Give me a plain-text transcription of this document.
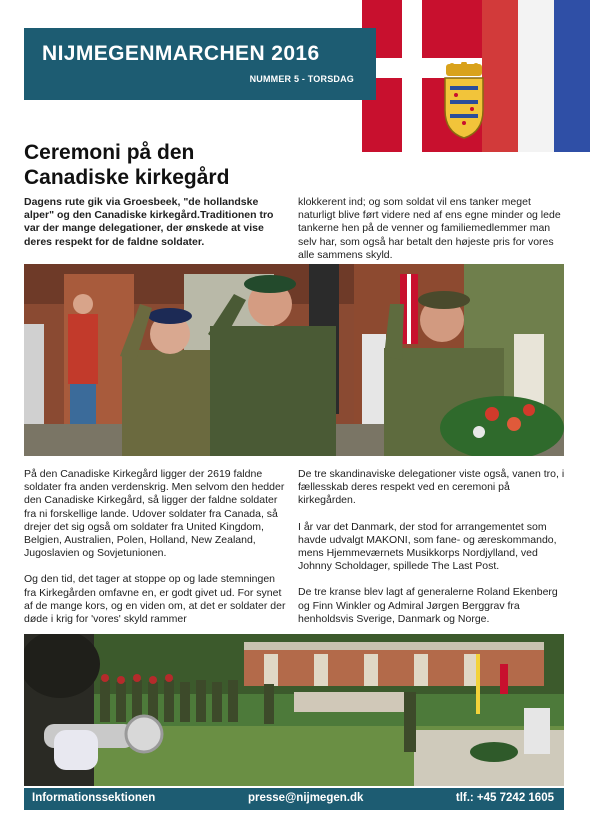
NIJMEGENMARCHEN 2016
NUMMER 5 - TORSDAG
Ceremoni på den Canadiske kirkegård

Dagens rute gik via Groesbeek, "de hollandske alper" og den Canadiske kirkegård.Traditionen tro var der mange delegationer, der ønskede at vise deres respekt for de faldne soldater.

klokkerent ind; og som soldat vil ens tanker meget naturligt blive ført videre ned af ens egne minder og lede tankerne hen på de venner og familiemedlemmer man selv har, som også har betalt den højeste pris for vores alle sammens skyld.

På den Canadiske Kirkegård ligger der 2619 faldne soldater fra anden verdenskrig. Men selvom den hedder den Canadiske Kirkegård, så ligger der faldne soldater fra ni forskellige lande. Udover soldater fra Canada, så drejer det sig også om soldater fra United Kingdom, Belgien, Australien, Polen, Holland, New Zealand, Jugoslavien og Sovjetunionen.

Og den tid, det tager at stoppe op og lade stemningen fra Kirkegården omfavne en, er godt givet ud. For synet af de mange kors, og en viden om, at det er soldater der døde i krig for 'vores' skyld rammer

De tre skandinaviske delegationer viste også, vanen tro, i fællesskab deres respekt ved en ceremoni på kirkegården.

I år var det Danmark, der stod for arrangementet som havde udvalgt MAKONI, som fane- og æreskommando, mens Hjemmeværnets Musikkorps Nordjylland, ved Johnny Scholdager, spillede The Last Post.

De tre kranse blev lagt af generalerne Roland Ekenberg og Finn Winkler og Admiral Jørgen Berggrav fra henholdsvis Sverige, Danmark og Norge.

Informationssektionen	presse@nijmegen.dk	tlf.: +45 7242 1605
